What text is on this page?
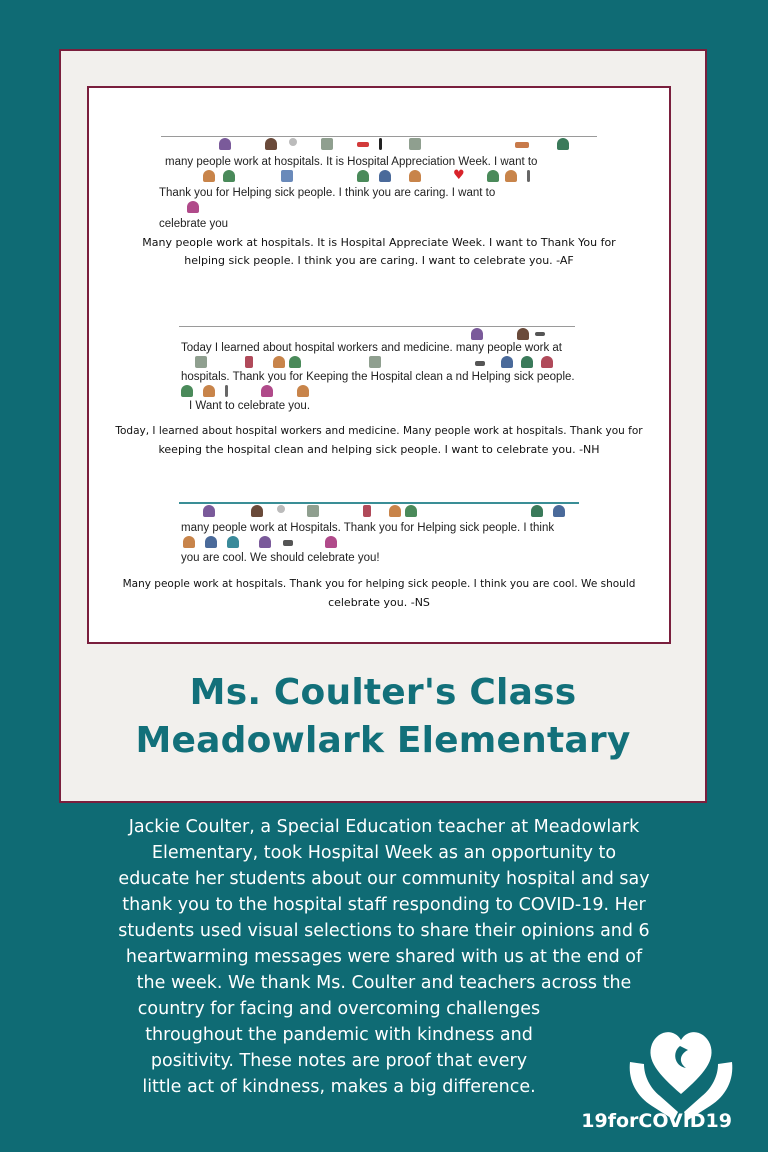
many people work at hospitals. It is Hospital Appreciation Week. I want to
♥
Thank you for Helping sick people. I think you are caring. I want to
celebrate you
Many people work at hospitals. It is Hospital Appreciate Week. I want to Thank You for
helping sick people. I think you are caring. I want to celebrate you. -AF
Today I learned about hospital workers and medicine. many people work at
hospitals. Thank you for Keeping the Hospital clean a nd Helping sick people.
I Want to celebrate you.
Today, I learned about hospital workers and medicine. Many people work at hospitals. Thank you for
keeping the hospital clean and helping sick people. I want to celebrate you. -NH
many people work at Hospitals. Thank you for Helping sick people. I think
you are cool. We should celebrate you!
Many people work at hospitals. Thank you for helping sick people. I think you are cool. We should
celebrate you. -NS
Ms. Coulter's Class
Meadowlark Elementary
Jackie Coulter, a Special Education teacher at Meadowlark
Elementary, took Hospital Week as an opportunity to
educate her students about our community hospital and say
thank you to the hospital staff responding to COVID-19. Her
students used visual selections to share their opinions and 6
heartwarming messages were shared with us at the end of
the week. We thank Ms. Coulter and teachers across the
country for facing and overcoming challenges
throughout the pandemic with kindness and
positivity. These notes are proof that every
little act of kindness, makes a big difference.
19forCOVID19
